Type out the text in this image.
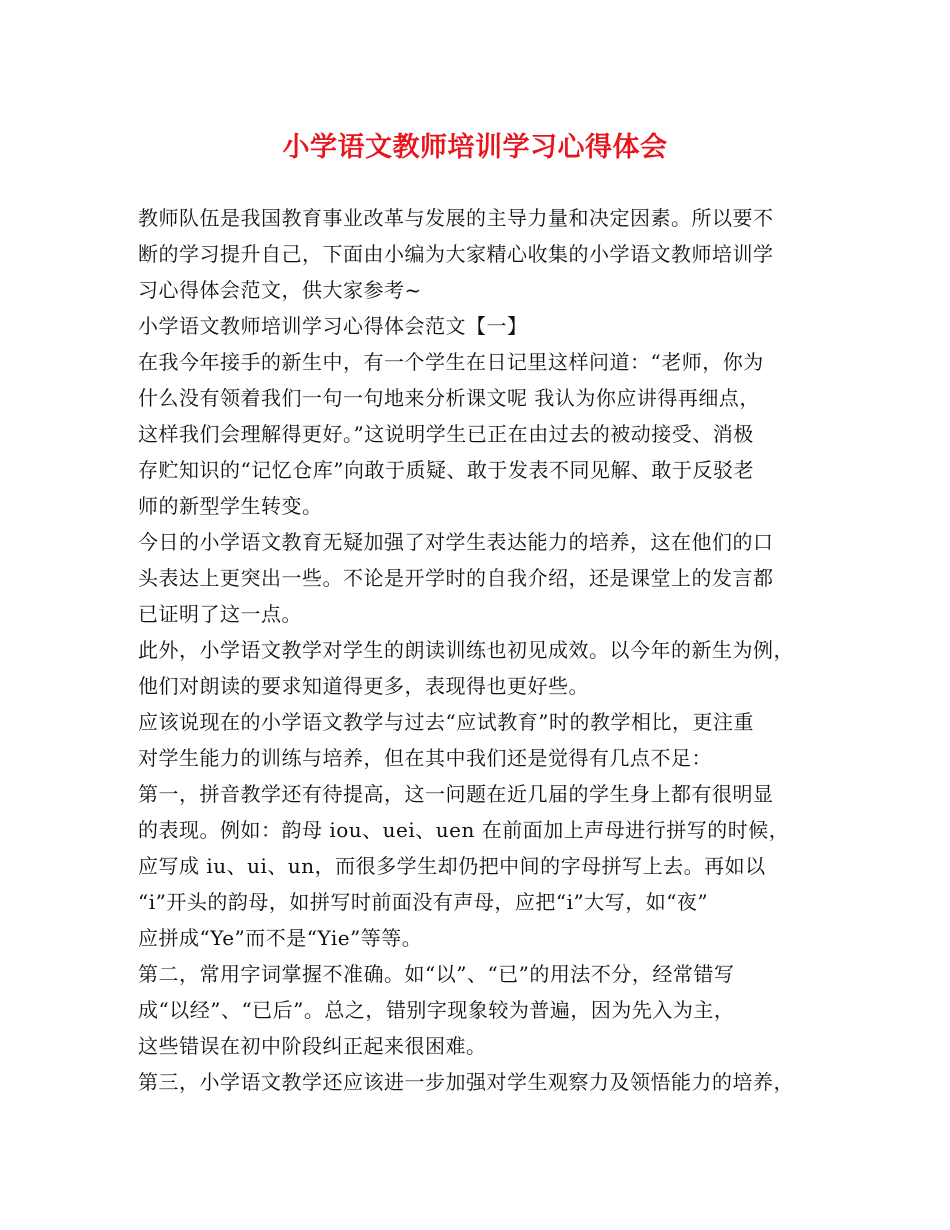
小学语文教师培训学习心得体会
教师队伍是我国教育事业改革与发展的主导力量和决定因素。所以要不
断的学习提升自己，下面由小编为大家精心收集的小学语文教师培训学
习心得体会范文，供大家参考~
小学语文教师培训学习心得体会范文【一】
在我今年接手的新生中，有一个学生在日记里这样问道：“老师，你为
什么没有领着我们一句一句地来分析课文呢 我认为你应讲得再细点，
这样我们会理解得更好。”这说明学生已正在由过去的被动接受、消极
存贮知识的“记忆仓库”向敢于质疑、敢于发表不同见解、敢于反驳老
师的新型学生转变。
今日的小学语文教育无疑加强了对学生表达能力的培养，这在他们的口
头表达上更突出一些。不论是开学时的自我介绍，还是课堂上的发言都
已证明了这一点。
此外，小学语文教学对学生的朗读训练也初见成效。以今年的新生为例，
他们对朗读的要求知道得更多，表现得也更好些。
应该说现在的小学语文教学与过去“应试教育”时的教学相比，更注重
对学生能力的训练与培养，但在其中我们还是觉得有几点不足：
第一，拼音教学还有待提高，这一问题在近几届的学生身上都有很明显
的表现。例如：韵母 iou、uei、uen 在前面加上声母进行拼写的时候，
应写成 iu、ui、un，而很多学生却仍把中间的字母拼写上去。再如以
“i”开头的韵母，如拼写时前面没有声母，应把“i”大写，如“夜”
应拼成“Ye”而不是“Yie”等等。
第二，常用字词掌握不准确。如“以”、“已”的用法不分，经常错写
成“以经”、“已后”。总之，错别字现象较为普遍，因为先入为主，
这些错误在初中阶段纠正起来很困难。
第三，小学语文教学还应该进一步加强对学生观察力及领悟能力的培养，
